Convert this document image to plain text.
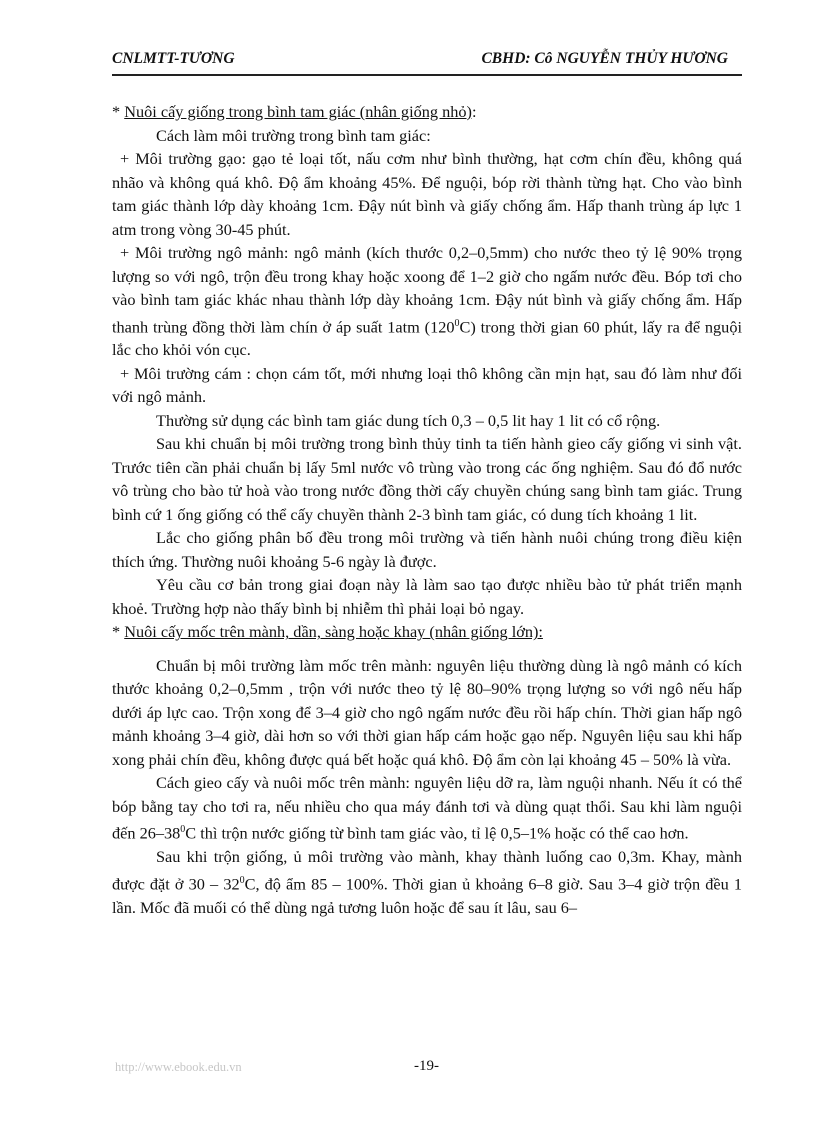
CNLMTT-TƯƠNG	CBHD: Cô NGUYỄN THỦY HƯƠNG

* Nuôi cấy giống trong bình tam giác (nhân giống nhỏ):

Cách làm môi trường trong bình tam giác:

+ Môi trường gạo: gạo tẻ loại tốt, nấu cơm như bình thường, hạt cơm chín đều, không quá nhão và không quá khô. Độ ẩm khoảng 45%. Để nguội, bóp rời thành từng hạt. Cho vào bình tam giác thành lớp dày khoảng 1cm. Đậy nút bình và giấy chống ẩm. Hấp thanh trùng áp lực 1 atm trong vòng 30-45 phút.

+ Môi trường ngô mảnh: ngô mảnh (kích thước 0,2–0,5mm) cho nước theo tỷ lệ 90% trọng lượng so với ngô, trộn đều trong khay hoặc xoong để 1–2 giờ cho ngấm nước đều. Bóp tơi cho vào bình tam giác khác nhau thành lớp dày khoảng 1cm. Đậy nút bình và giấy chống ẩm. Hấp thanh trùng đồng thời làm chín ở áp suất 1atm $(120^0C)$ trong thời gian 60 phút, lấy ra để nguội lắc cho khỏi vón cục.

+ Môi trường cám : chọn cám tốt, mới nhưng loại thô không cần mịn hạt, sau đó làm như đối với ngô mảnh.

Thường sử dụng các bình tam giác dung tích 0,3 – 0,5 lit hay 1 lit có cổ rộng.

Sau khi chuẩn bị môi trường trong bình thủy tinh ta tiến hành gieo cấy giống vi sinh vật. Trước tiên cần phải chuẩn bị lấy 5ml nước vô trùng vào trong các ống nghiệm. Sau đó đổ nước vô trùng cho bào tử hoà vào trong nước đồng thời cấy chuyền chúng sang bình tam giác. Trung bình cứ 1 ống giống có thể cấy chuyền thành 2-3 bình tam giác, có dung tích khoảng 1 lit.

Lắc cho giống phân bố đều trong môi trường và tiến hành nuôi chúng trong điều kiện thích ứng. Thường nuôi khoảng 5-6 ngày là được.

Yêu cầu cơ bản trong giai đoạn này là làm sao tạo được nhiều bào tử phát triển mạnh khoẻ. Trường hợp nào thấy bình bị nhiễm thì phải loại bỏ ngay.

* Nuôi cấy mốc trên mành, dần, sàng hoặc khay (nhân giống lớn):

Chuẩn bị môi trường làm mốc trên mành: nguyên liệu thường dùng là ngô mảnh có kích thước khoảng 0,2–0,5mm , trộn với nước theo tỷ lệ 80–90% trọng lượng so với ngô nếu hấp dưới áp lực cao. Trộn xong để 3–4 giờ cho ngô ngấm nước đều rồi hấp chín. Thời gian hấp ngô mảnh khoảng 3–4 giờ, dài hơn so với thời gian hấp cám hoặc gạo nếp. Nguyên liệu sau khi hấp xong phải chín đều, không được quá bết hoặc quá khô. Độ ẩm còn lại khoảng 45 – 50% là vừa.

Cách gieo cấy và nuôi mốc trên mành: nguyên liệu dỡ ra, làm nguội nhanh. Nếu ít có thể bóp bằng tay cho tơi ra, nếu nhiều cho qua máy đánh tơi và dùng quạt thổi. Sau khi làm nguội đến $26-38^0C$ thì trộn nước giống từ bình tam giác vào, tỉ lệ 0,5–1% hoặc có thể cao hơn.

Sau khi trộn giống, ủ môi trường vào mành, khay thành luống cao 0,3m. Khay, mành được đặt ở $30 - 32^0C$, độ ẩm 85 – 100%. Thời gian ủ khoảng 6–8 giờ. Sau 3–4 giờ trộn đều 1 lần. Mốc đã muối có thể dùng ngả tương luôn hoặc để sau ít lâu, sau 6–

http://www.ebook.edu.vn	-19-
